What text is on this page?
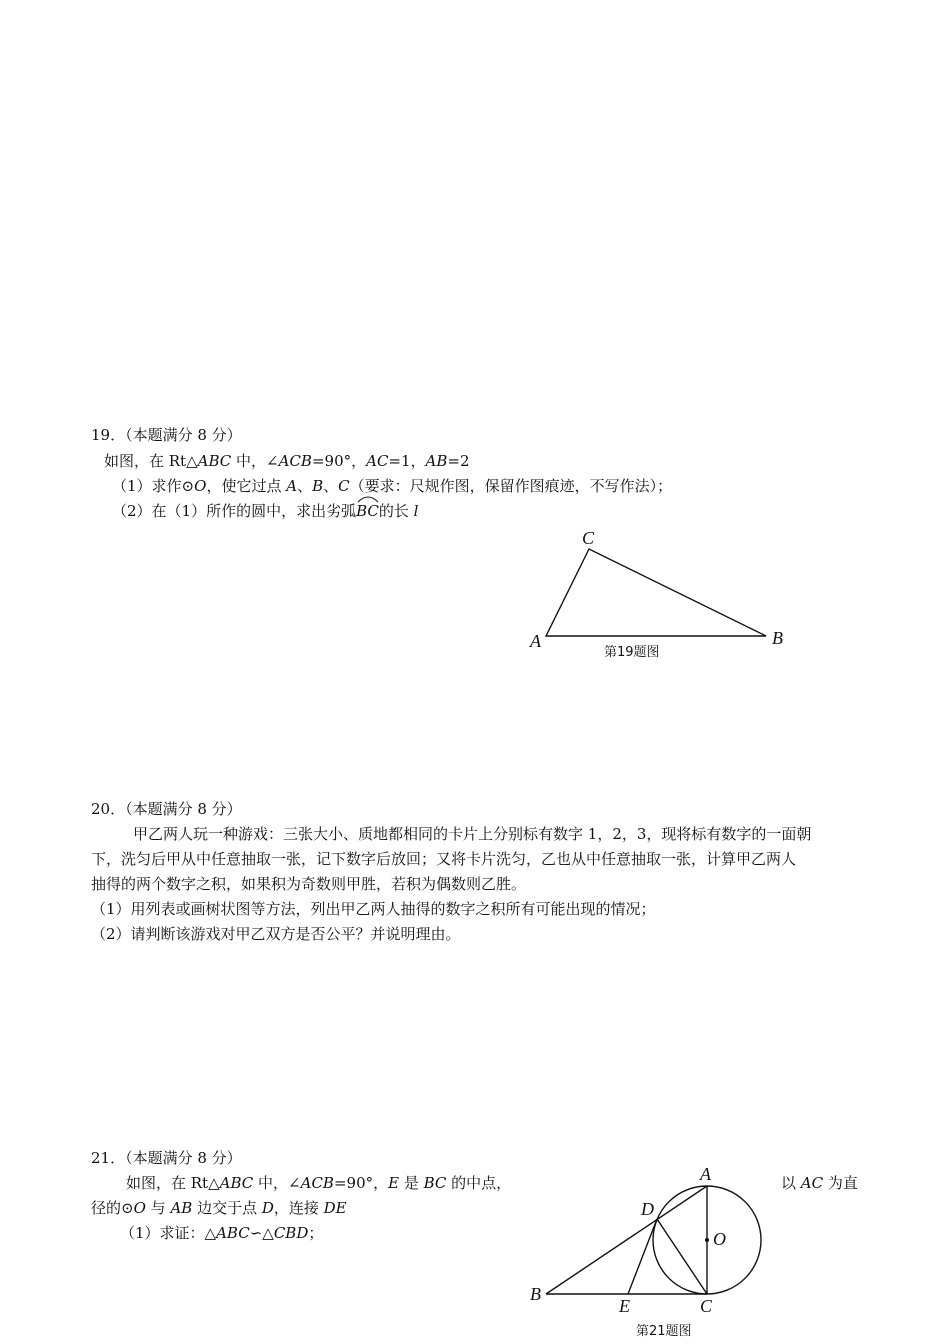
19．（本题满分 8 分）
如图，在 Rt△ABC 中，∠ACB=90°，AC=1，AB=2
（1）求作⊙O，使它过点 A、B、C（要求：尺规作图，保留作图痕迹，不写作法）；
（2）在（1）所作的圆中，求出劣弧
BC的长 l
C
A	B
第19题图
20．（本题满分 8 分）
甲乙两人玩一种游戏：三张大小、质地都相同的卡片上分别标有数字 1，2，3，现将标有数字的一面朝
下，洗匀后甲从中任意抽取一张，记下数字后放回；又将卡片洗匀，乙也从中任意抽取一张，计算甲乙两人
抽得的两个数字之积，如果积为奇数则甲胜，若积为偶数则乙胜。
（1）用列表或画树状图等方法，列出甲乙两人抽得的数字之积所有可能出现的情况；
（2）请判断该游戏对甲乙双方是否公平？并说明理由。
21．（本题满分 8 分）
如图，在 Rt△ABC 中，∠ACB=90°，E 是 BC 的中点，	以 AC 为直
径的⊙O 与 AB 边交于点 D，连接 DE
（1）求证：△ABC∽△CBD；
A
D
O
B
E	C
第21题图
